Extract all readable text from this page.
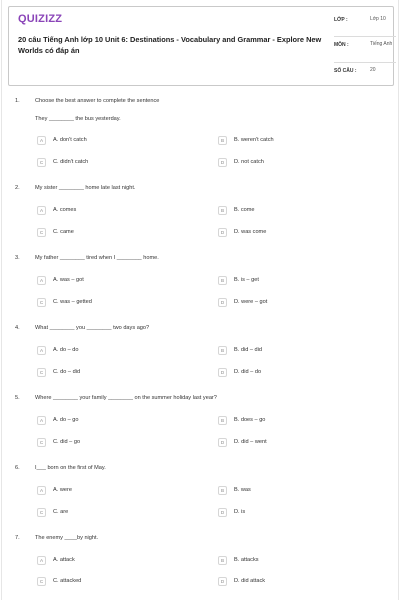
QUIZIZZ
20 câu Tiếng Anh lớp 10 Unit 6: Destinations - Vocabulary and Grammar - Explore New Worlds có đáp án
LỚP :	Lớp 10
MÔN :	Tiếng Anh
SỐ CÂU :	20
1.	Choose the best answer to complete the sentence
They ________ the bus yesterday.
A	A. don't catch	B	B. weren't catch
C	C. didn't catch	D	D. not catch
2.	My sister ________ home late last night.
A	A. comes	B	B. come
C	C. came	D	D. was come
3.	My father ________ tired when I ________ home.
A	A. was – got	B	B. is – get
C	C. was – getted	D	D. were – got
4.	What ________ you ________ two days ago?
A	A. do – do	B	B. did – did
C	C. do – did	D	D. did – do
5.	Where ________ your family ________ on the summer holiday last year?
A	A. do – go	B	B. does – go
C	C. did – go	D	D. did – went
6.	I___ born on the first of May.
A	A. were	B	B. was
C	C. are	D	D. is
7.	The enemy ____by night.
A	A. attack	B	B. attacks
C	C. attacked	D	D. did attack
